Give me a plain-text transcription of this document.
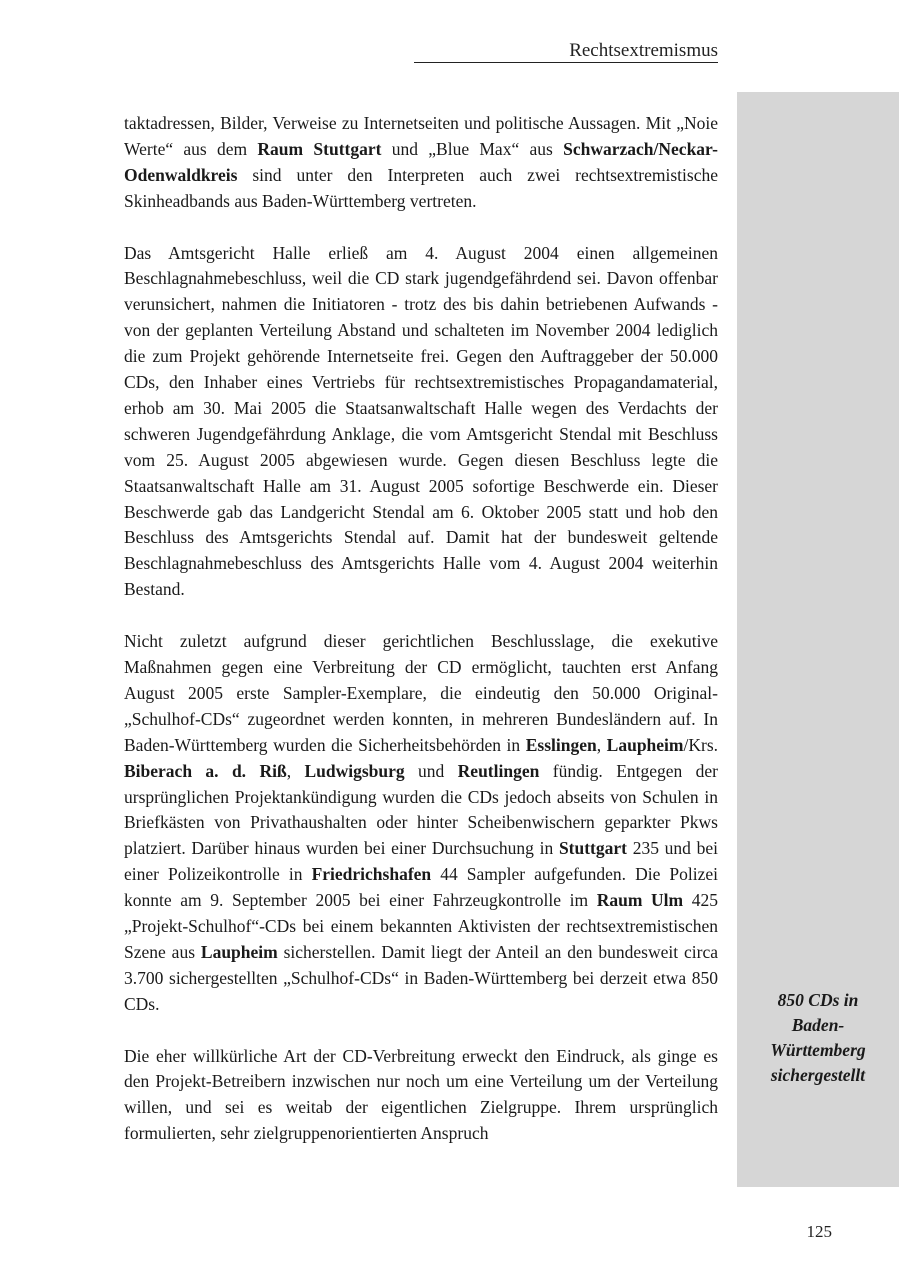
Rechtsextremismus
850 CDs in
Baden-
Württemberg
sichergestellt

taktadressen, Bilder, Verweise zu Internetseiten und politische Aussagen. Mit „Noie Werte“ aus dem Raum Stuttgart und „Blue Max“ aus Schwarzach/Neckar-Odenwaldkreis sind unter den Interpreten auch zwei rechtsextremistische Skinheadbands aus Baden-Württemberg vertreten.

Das Amtsgericht Halle erließ am 4. August 2004 einen allgemeinen Beschlagnahmebeschluss, weil die CD stark jugendgefährdend sei. Davon offenbar verunsichert, nahmen die Initiatoren - trotz des bis dahin betriebenen Aufwands - von der geplanten Verteilung Abstand und schalteten im November 2004 lediglich die zum Projekt gehörende Internetseite frei. Gegen den Auftraggeber der 50.000 CDs, den Inhaber eines Vertriebs für rechtsextremistisches Propagandamaterial, erhob am 30. Mai 2005 die Staatsanwaltschaft Halle wegen des Verdachts der schweren Jugendgefährdung Anklage, die vom Amtsgericht Stendal mit Beschluss vom 25. August 2005 abgewiesen wurde. Gegen diesen Beschluss legte die Staatsanwaltschaft Halle am 31. August 2005 sofortige Beschwerde ein. Dieser Beschwerde gab das Landgericht Stendal am 6. Oktober 2005 statt und hob den Beschluss des Amtsgerichts Stendal auf. Damit hat der bundesweit geltende Beschlagnahmebeschluss des Amtsgerichts Halle vom 4. August 2004 weiterhin Bestand.

Nicht zuletzt aufgrund dieser gerichtlichen Beschlusslage, die exekutive Maßnahmen gegen eine Verbreitung der CD ermöglicht, tauchten erst Anfang August 2005 erste Sampler-Exemplare, die eindeutig den 50.000 Original-„Schulhof-CDs“ zugeordnet werden konnten, in mehreren Bundesländern auf. In Baden-Württemberg wurden die Sicherheitsbehörden in Esslingen, Laupheim/Krs. Biberach a. d. Riß, Ludwigsburg und Reutlingen fündig. Entgegen der ursprünglichen Projektankündigung wurden die CDs jedoch abseits von Schulen in Briefkästen von Privathaushalten oder hinter Scheibenwischern geparkter Pkws platziert. Darüber hinaus wurden bei einer Durchsuchung in Stuttgart 235 und bei einer Polizeikontrolle in Friedrichshafen 44 Sampler aufgefunden. Die Polizei konnte am 9. September 2005 bei einer Fahrzeugkontrolle im Raum Ulm 425 „Projekt-Schulhof“-CDs bei einem bekannten Aktivisten der rechtsextremistischen Szene aus Laupheim sicherstellen. Damit liegt der Anteil an den bundesweit circa 3.700 sichergestellten „Schulhof-CDs“ in Baden-Württemberg bei derzeit etwa 850 CDs.

Die eher willkürliche Art der CD-Verbreitung erweckt den Eindruck, als ginge es den Projekt-Betreibern inzwischen nur noch um eine Verteilung um der Verteilung willen, und sei es weitab der eigentlichen Zielgruppe. Ihrem ursprünglich formulierten, sehr zielgruppenorientierten Anspruch

125
